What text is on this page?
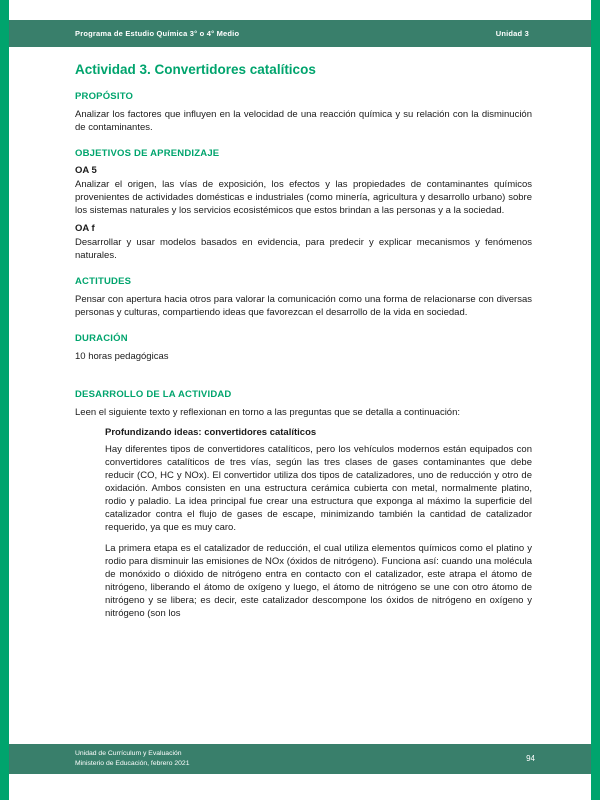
Programa de Estudio Química 3° o 4° Medio	Unidad 3
Actividad 3. Convertidores catalíticos
PROPÓSITO

Analizar los factores que influyen en la velocidad de una reacción química y su relación con la disminución de contaminantes.

OBJETIVOS DE APRENDIZAJE

OA 5

Analizar el origen, las vías de exposición, los efectos y las propiedades de contaminantes químicos provenientes de actividades domésticas e industriales (como minería, agricultura y desarrollo urbano) sobre los sistemas naturales y los servicios ecosistémicos que estos brindan a las personas y a la sociedad.

OA f

Desarrollar y usar modelos basados en evidencia, para predecir y explicar mecanismos y fenómenos naturales.

ACTITUDES

Pensar con apertura hacia otros para valorar la comunicación como una forma de relacionarse con diversas personas y culturas, compartiendo ideas que favorezcan el desarrollo de la vida en sociedad.

DURACIÓN

10 horas pedagógicas

DESARROLLO DE LA ACTIVIDAD

Leen el siguiente texto y reflexionan en torno a las preguntas que se detalla a continuación:

Profundizando ideas: convertidores catalíticos

Hay diferentes tipos de convertidores catalíticos, pero los vehículos modernos están equipados con convertidores catalíticos de tres vías, según las tres clases de gases contaminantes que debe reducir (CO, HC y NOx). El convertidor utiliza dos tipos de catalizadores, uno de reducción y otro de oxidación. Ambos consisten en una estructura cerámica cubierta con metal, normalmente platino, rodio y paladio. La idea principal fue crear una estructura que exponga al máximo la superficie del catalizador contra el flujo de gases de escape, minimizando también la cantidad de catalizador requerido, ya que es muy caro.

La primera etapa es el catalizador de reducción, el cual utiliza elementos químicos como el platino y rodio para disminuir las emisiones de NOx (óxidos de nitrógeno). Funciona así: cuando una molécula de monóxido o dióxido de nitrógeno entra en contacto con el catalizador, este atrapa el átomo de nitrógeno, liberando el átomo de oxígeno y luego, el átomo de nitrógeno se une con otro átomo de nitrógeno y se libera; es decir, este catalizador descompone los óxidos de nitrógeno en oxígeno y nitrógeno (son los

Unidad de Currículum y Evaluación
Ministerio de Educación, febrero 2021
94
